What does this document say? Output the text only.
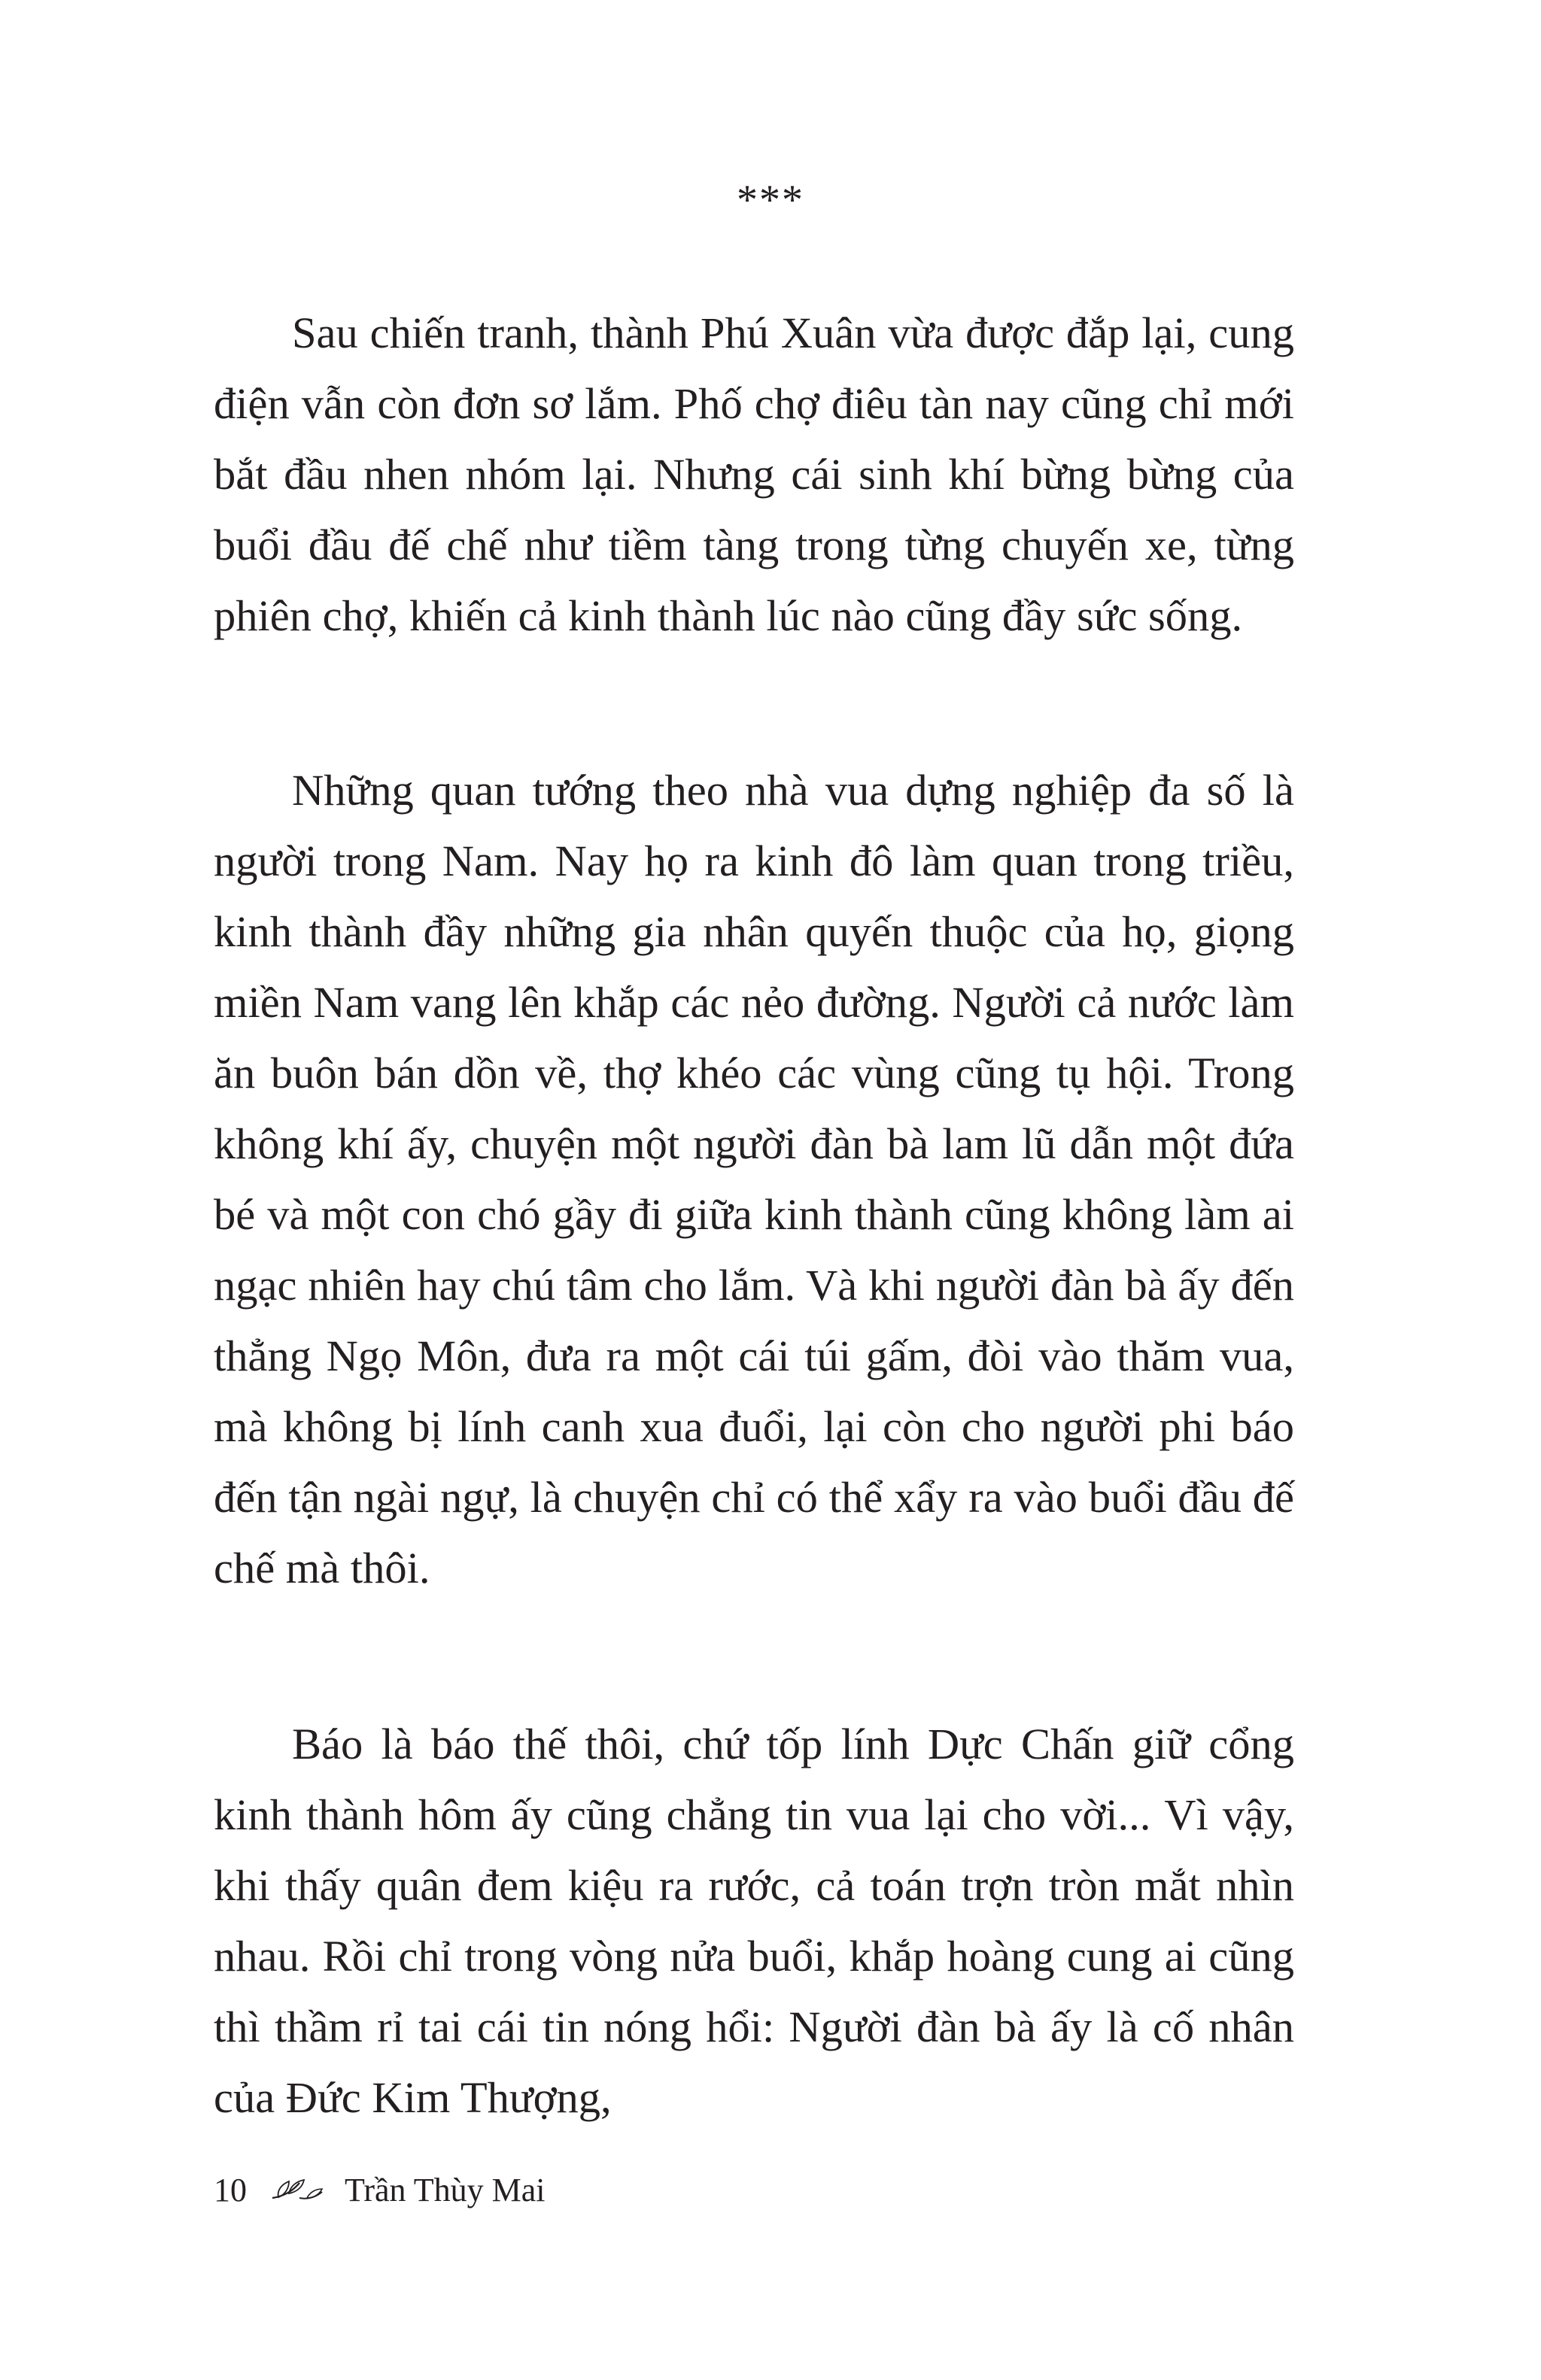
***

Sau chiến tranh, thành Phú Xuân vừa được đắp lại, cung điện vẫn còn đơn sơ lắm. Phố chợ điêu tàn nay cũng chỉ mới bắt đầu nhen nhóm lại. Nhưng cái sinh khí bừng bừng của buổi đầu đế chế như tiềm tàng trong từng chuyến xe, từng phiên chợ, khiến cả kinh thành lúc nào cũng đầy sức sống.

Những quan tướng theo nhà vua dựng nghiệp đa số là người trong Nam. Nay họ ra kinh đô làm quan trong triều, kinh thành đầy những gia nhân quyến thuộc của họ, giọng miền Nam vang lên khắp các nẻo đường. Người cả nước làm ăn buôn bán dồn về, thợ khéo các vùng cũng tụ hội. Trong không khí ấy, chuyện một người đàn bà lam lũ dẫn một đứa bé và một con chó gầy đi giữa kinh thành cũng không làm ai ngạc nhiên hay chú tâm cho lắm. Và khi người đàn bà ấy đến thẳng Ngọ Môn, đưa ra một cái túi gấm, đòi vào thăm vua, mà không bị lính canh xua đuổi, lại còn cho người phi báo đến tận ngài ngự, là chuyện chỉ có thể xẩy ra vào buổi đầu đế chế mà thôi.

Báo là báo thế thôi, chứ tốp lính Dực Chấn giữ cổng kinh thành hôm ấy cũng chẳng tin vua lại cho vời... Vì vậy, khi thấy quân đem kiệu ra rước, cả toán trợn tròn mắt nhìn nhau. Rồi chỉ trong vòng nửa buổi, khắp hoàng cung ai cũng thì thầm rỉ tai cái tin nóng hổi: Người đàn bà ấy là cố nhân của Đức Kim Thượng,

10	Trần Thùy Mai
